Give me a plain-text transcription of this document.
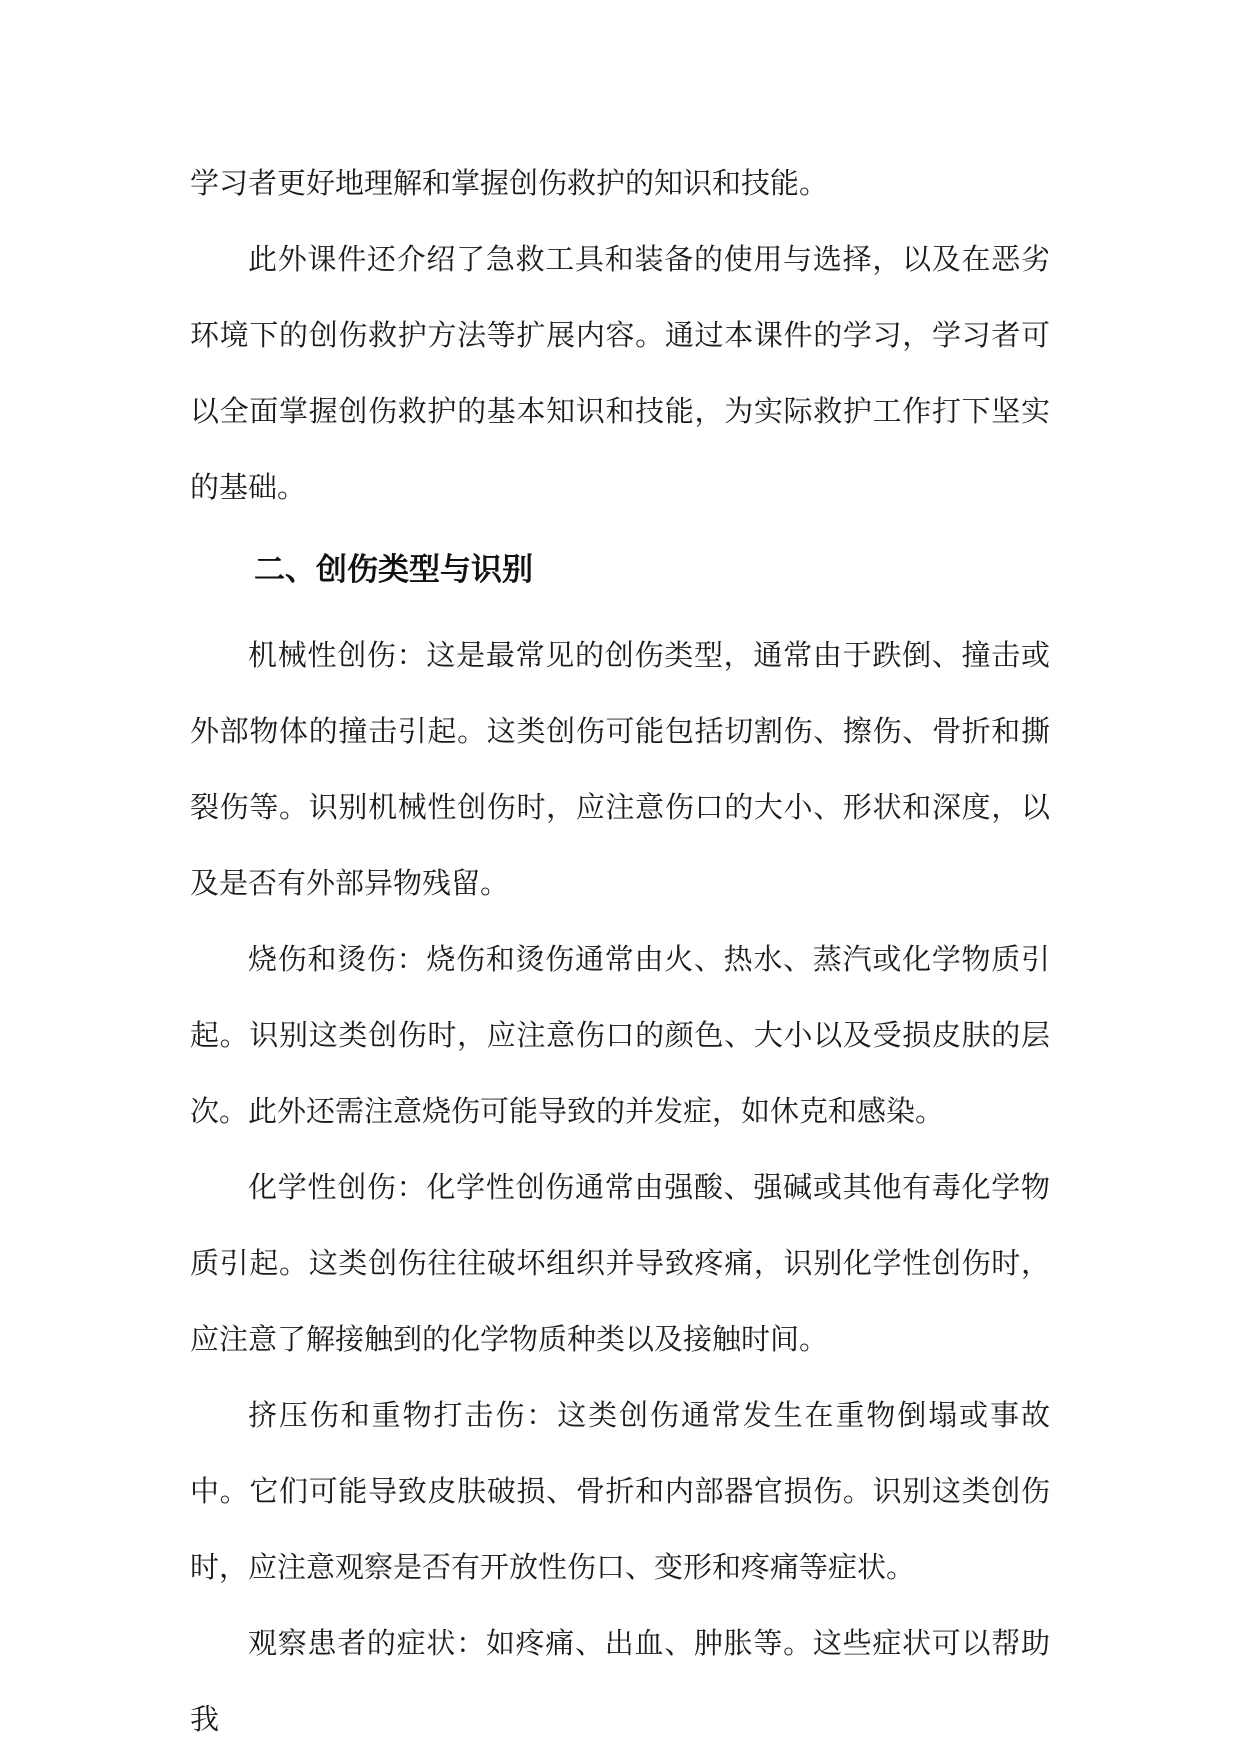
学习者更好地理解和掌握创伤救护的知识和技能。

此外课件还介绍了急救工具和装备的使用与选择，以及在恶劣环境下的创伤救护方法等扩展内容。通过本课件的学习，学习者可以全面掌握创伤救护的基本知识和技能，为实际救护工作打下坚实的基础。

二、创伤类型与识别

机械性创伤：这是最常见的创伤类型，通常由于跌倒、撞击或外部物体的撞击引起。这类创伤可能包括切割伤、擦伤、骨折和撕裂伤等。识别机械性创伤时，应注意伤口的大小、形状和深度，以及是否有外部异物残留。

烧伤和烫伤：烧伤和烫伤通常由火、热水、蒸汽或化学物质引起。识别这类创伤时，应注意伤口的颜色、大小以及受损皮肤的层次。此外还需注意烧伤可能导致的并发症，如休克和感染。

化学性创伤：化学性创伤通常由强酸、强碱或其他有毒化学物质引起。这类创伤往往破坏组织并导致疼痛，识别化学性创伤时，应注意了解接触到的化学物质种类以及接触时间。

挤压伤和重物打击伤：这类创伤通常发生在重物倒塌或事故中。它们可能导致皮肤破损、骨折和内部器官损伤。识别这类创伤时，应注意观察是否有开放性伤口、变形和疼痛等症状。

观察患者的症状：如疼痛、出血、肿胀等。这些症状可以帮助我
